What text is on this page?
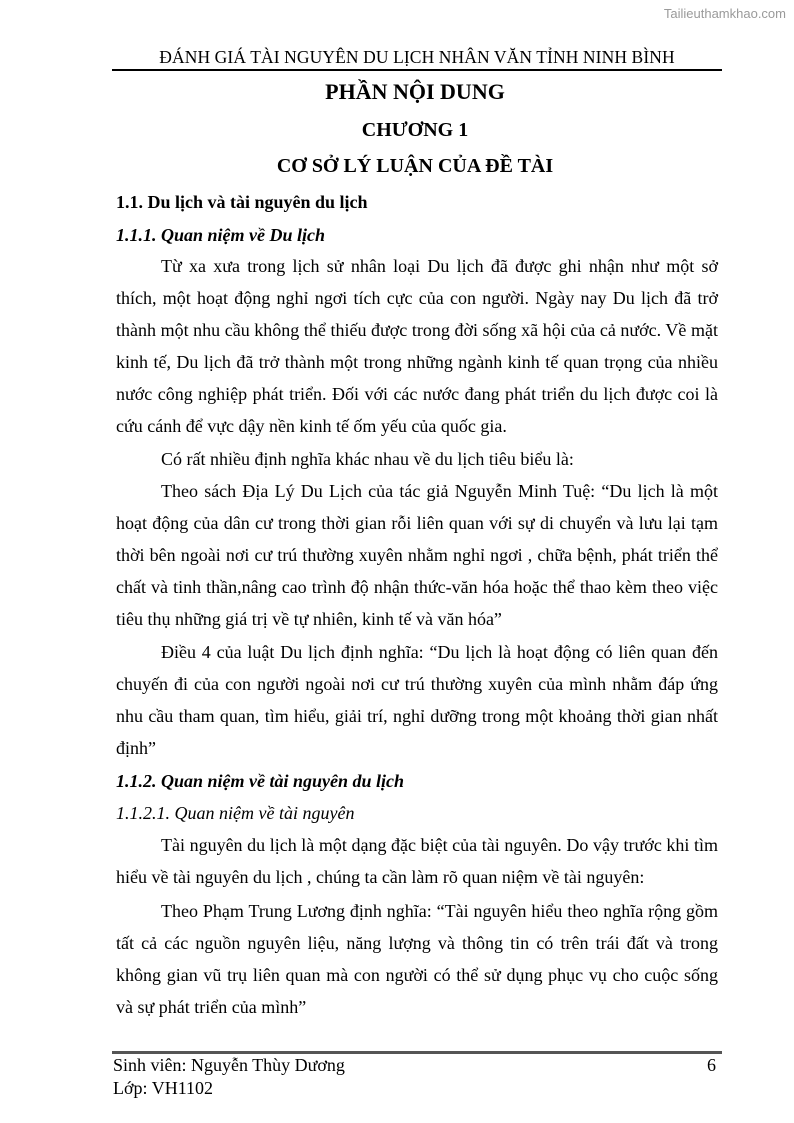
Tailieuthamkhao.com
ĐÁNH GIÁ TÀI NGUYÊN DU LỊCH NHÂN VĂN TỈNH NINH BÌNH
PHẦN NỘI DUNG
CHƯƠNG 1
CƠ SỞ LÝ LUẬN CỦA ĐỀ TÀI
1.1. Du lịch và tài nguyên du lịch
1.1.1. Quan niệm về Du lịch

Từ xa xưa trong lịch sử nhân loại Du lịch đã được ghi nhận như một sở thích, một hoạt động nghỉ ngơi tích cực của con người. Ngày nay Du lịch đã trở thành một nhu cầu không thể thiếu được trong đời sống xã hội của cả nước. Về mặt kinh tế, Du lịch đã trở thành một trong những ngành kinh tế quan trọng của nhiều nước công nghiệp phát triển. Đối với các nước đang phát triển du lịch được coi là cứu cánh để vực dậy nền kinh tế ốm yếu của quốc gia.

Có rất nhiều định nghĩa khác nhau về du lịch tiêu biểu là:

Theo sách Địa Lý Du Lịch của tác giả Nguyễn Minh Tuệ: “Du lịch là một hoạt động của dân cư trong thời gian rỗi liên quan với sự di chuyển và lưu lại tạm thời bên ngoài nơi cư trú thường xuyên nhằm nghỉ ngơi , chữa bệnh, phát triển thể chất và tinh thần,nâng cao trình độ nhận thức-văn hóa hoặc thể thao kèm theo việc tiêu thụ những giá trị về tự nhiên, kinh tế và văn hóa”

Điều 4 của luật Du lịch định nghĩa: “Du lịch là hoạt động có liên quan đến chuyến đi của con người ngoài nơi cư trú thường xuyên của mình nhằm đáp ứng nhu cầu tham quan, tìm hiểu, giải trí, nghỉ dưỡng trong một khoảng thời gian nhất định”

1.1.2. Quan niệm về tài nguyên du lịch
1.1.2.1. Quan niệm về tài nguyên

Tài nguyên du lịch là một dạng đặc biệt của tài nguyên. Do vậy trước khi tìm hiểu về tài nguyên du lịch , chúng ta cần làm rõ quan niệm về tài nguyên:

Theo Phạm Trung Lương định nghĩa: “Tài nguyên hiểu theo nghĩa rộng gồm tất cả các nguồn nguyên liệu, năng lượng và thông tin có trên trái đất và trong không gian vũ trụ liên quan mà con người có thể sử dụng phục vụ cho cuộc sống và sự phát triển của mình”

Sinh viên: Nguyễn Thùy Dương
Lớp: VH1102
6
